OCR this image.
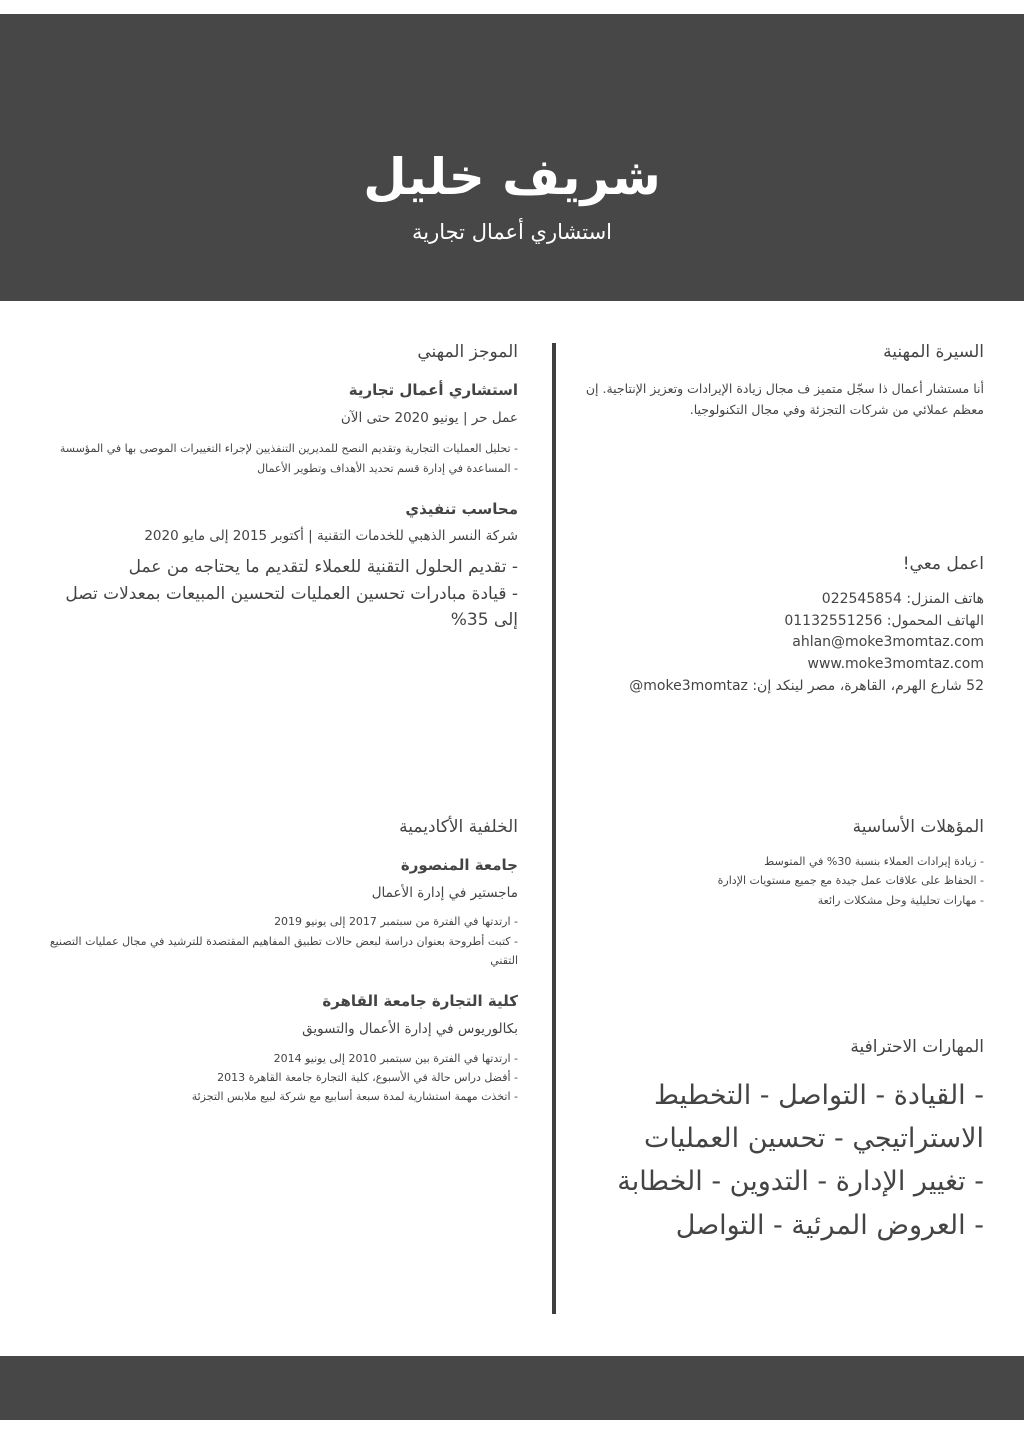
شريف خليل
استشاري أعمال تجارية
السيرة المهنية
أنا مستشار أعمال ذا سجّل متميز ف مجال زيادة الإيرادات وتعزيز الإنتاجية. إن معظم عملائي من شركات التجزئة وفي مجال التكنولوجيا.
اعمل معي!
هاتف المنزل: 022545854
الهاتف المحمول: 01132551256
ahlan@moke3momtaz.com
www.moke3momtaz.com
52 شارع الهرم، القاهرة، مصر لينكد إن: moke3momtaz@
المؤهلات الأساسية
- زيادة إيرادات العملاء بنسبة 30% في المتوسط
- الحفاظ على علاقات عمل جيدة مع جميع مستويات الإدارة
- مهارات تحليلية وحل مشكلات رائعة
المهارات الاحترافية
- القيادة - التواصل - التخطيط
الاستراتيجي - تحسين العمليات
- تغيير الإدارة - التدوين - الخطابة
- العروض المرئية - التواصل
الموجز المهني
استشاري أعمال تجارية
عمل حر | يونيو 2020 حتى الآن
- تحليل العمليات التجارية وتقديم النصح للمديرين التنفذيين لإجراء التغييرات الموصى بها في المؤسسة
- المساعدة في إدارة قسم تحديد الأهداف وتطوير الأعمال
محاسب تنفيذي
شركة النسر الذهبي للخدمات التقنية | أكتوبر 2015 إلى مايو 2020
- تقديم الحلول التقنية للعملاء لتقديم ما يحتاجه من عمل
- قيادة مبادرات تحسين العمليات لتحسين المبيعات بمعدلات تصل إلى 35%
الخلفية الأكاديمية
جامعة المنصورة
ماجستير في إدارة الأعمال
- ارتدتها في الفترة من سبتمبر 2017 إلى يونيو 2019
- كتبت أطروحة بعنوان دراسة لبعض حالات تطبيق المفاهيم المقتصدة للترشيد في مجال عمليات التصنيع التقني
كلية التجارة جامعة القاهرة
بكالوريوس في إدارة الأعمال والتسويق
- ارتدتها في الفترة بين سبتمبر 2010 إلى يونيو 2014
- أفضل دراس حالة في الأسبوع، كلية التجارة جامعة القاهرة 2013
- اتخذت مهمة استشارية لمدة سبعة أسابيع مع شركة لبيع ملابس التجزئة
